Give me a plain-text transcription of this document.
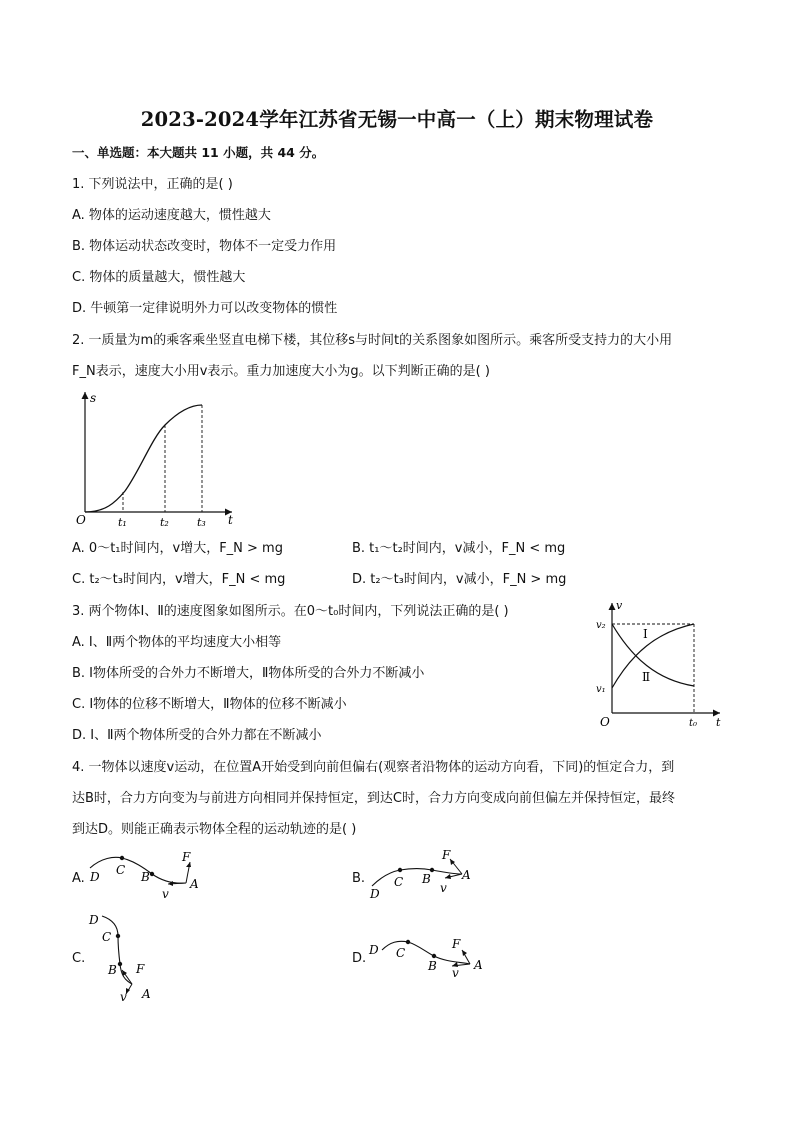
2023-2024学年江苏省无锡一中高一（上）期末物理试卷
一、单选题：本大题共 11 小题，共 44 分。
1. 下列说法中，正确的是( )
A. 物体的运动速度越大，惯性越大
B. 物体运动状态改变时，物体不一定受力作用
C. 物体的质量越大，惯性越大
D. 牛顿第一定律说明外力可以改变物体的惯性
2. 一质量为m的乘客乘坐竖直电梯下楼，其位移s与时间t的关系图象如图所示。乘客所受支持力的大小用
F_N表示，速度大小用v表示。重力加速度大小为g。以下判断正确的是( )
s
t
O	t₁	t₂	t₃
A. 0～t₁时间内，v增大，F_N > mg	B. t₁～t₂时间内，v减小，F_N < mg
C. t₂～t₃时间内，v增大，F_N < mg	D. t₂～t₃时间内，v减小，F_N > mg
3. 两个物体Ⅰ、Ⅱ的速度图象如图所示。在0～t₀时间内，下列说法正确的是( )
A. Ⅰ、Ⅱ两个物体的平均速度大小相等
B. Ⅰ物体所受的合外力不断增大，Ⅱ物体所受的合外力不断减小
C. Ⅰ物体的位移不断增大，Ⅱ物体的位移不断减小
D. Ⅰ、Ⅱ两个物体所受的合外力都在不断减小
v
t
O
v₂
v₁
t₀
Ⅰ
Ⅱ
4. 一物体以速度v运动，在位置A开始受到向前但偏右(观察者沿物体的运动方向看，下同)的恒定合力，到
达B时，合力方向变为与前进方向相同并保持恒定，到达C时，合力方向变成向前但偏左并保持恒定，最终
到达D。则能正确表示物体全程的运动轨迹的是( )
A. D C B	A
F
v
B.
D
C B	A
F
v
C.
D
C
B
A
F
v
D.
D C
B	A
F
v
